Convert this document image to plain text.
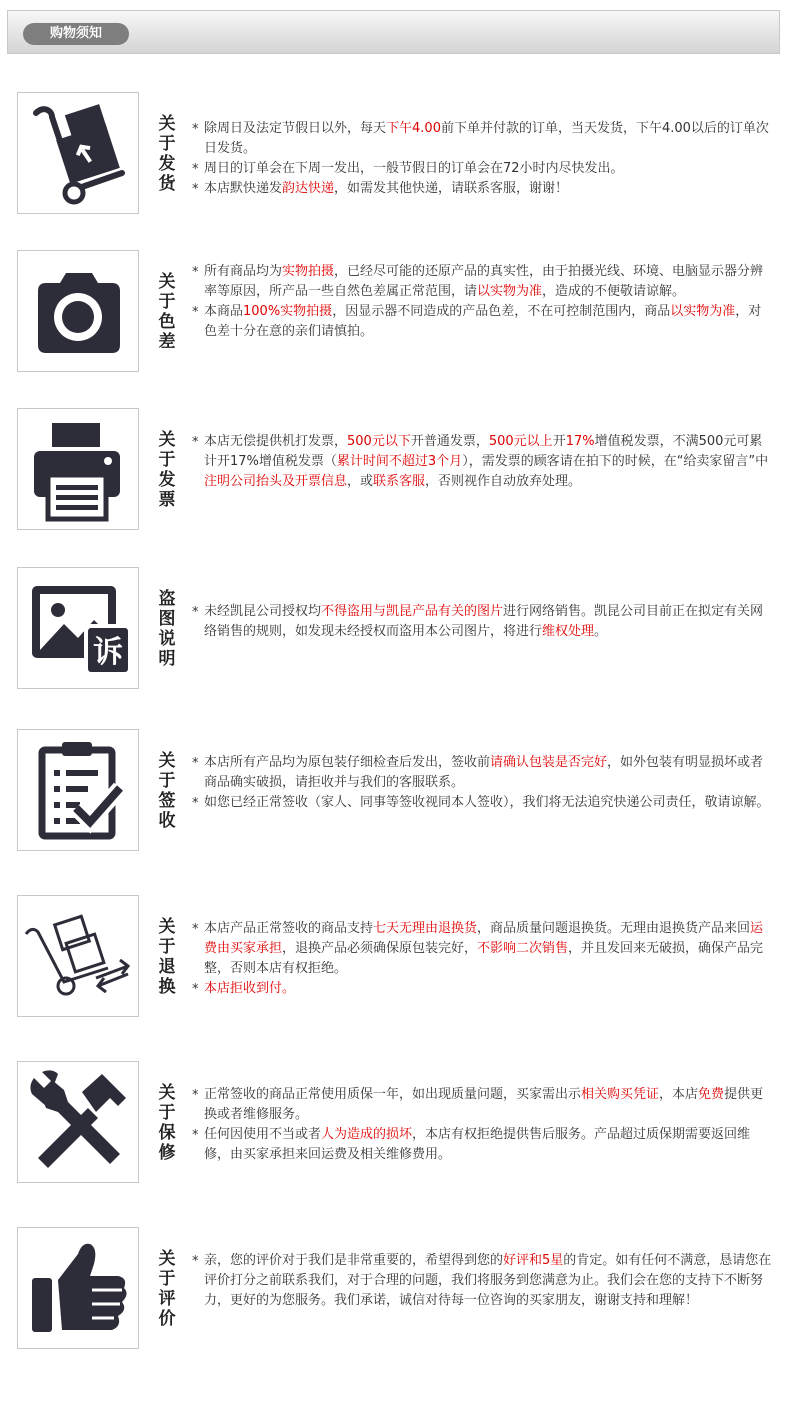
购物须知
关
于
发
货

* 除周日及法定节假日以外，每天下午4.00前下单并付款的订单，当天发货，下午4.00以后的订单次日发货。

* 周日的订单会在下周一发出，一般节假日的订单会在72小时内尽快发出。

* 本店默快递发韵达快递，如需发其他快递，请联系客服，谢谢！

关
于
色
差

* 所有商品均为实物拍摄，已经尽可能的还原产品的真实性，由于拍摄光线、环境、电脑显示器分辨率等原因，所产品一些自然色差属正常范围，请以实物为准，造成的不便敬请谅解。

* 本商品100%实物拍摄，因显示器不同造成的产品色差，不在可控制范围内，商品以实物为准，对色差十分在意的亲们请慎拍。

关
于
发
票

* 本店无偿提供机打发票，500元以下开普通发票，500元以上开17%增值税发票，不满500元可累计开17%增值税发票（累计时间不超过3个月），需发票的顾客请在拍下的时候，在“给卖家留言”中注明公司抬头及开票信息，或联系客服，否则视作自动放弃处理。

诉
盗
图
说
明

* 未经凯昆公司授权均不得盗用与凯昆产品有关的图片进行网络销售。凯昆公司目前正在拟定有关网络销售的规则，如发现未经授权而盗用本公司图片，将进行维权处理。

关
于
签
收

* 本店所有产品均为原包装仔细检查后发出，签收前请确认包装是否完好，如外包装有明显损坏或者商品确实破损，请拒收并与我们的客服联系。

* 如您已经正常签收（家人、同事等签收视同本人签收），我们将无法追究快递公司责任，敬请谅解。

关
于
退
换

* 本店产品正常签收的商品支持七天无理由退换货，商品质量问题退换货。无理由退换货产品来回运费由买家承担，退换产品必须确保原包装完好，不影响二次销售，并且发回来无破损，确保产品完整，否则本店有权拒绝。

* 本店拒收到付。

关
于
保
修

* 正常签收的商品正常使用质保一年，如出现质量问题，买家需出示相关购买凭证，本店免费提供更换或者维修服务。

* 任何因使用不当或者人为造成的损坏，本店有权拒绝提供售后服务。产品超过质保期需要返回维修，由买家承担来回运费及相关维修费用。

关
于
评
价

* 亲，您的评价对于我们是非常重要的，希望得到您的好评和5星的肯定。如有任何不满意，恳请您在评价打分之前联系我们，对于合理的问题，我们将服务到您满意为止。我们会在您的支持下不断努力，更好的为您服务。我们承诺，诚信对待每一位咨询的买家朋友，谢谢支持和理解！
